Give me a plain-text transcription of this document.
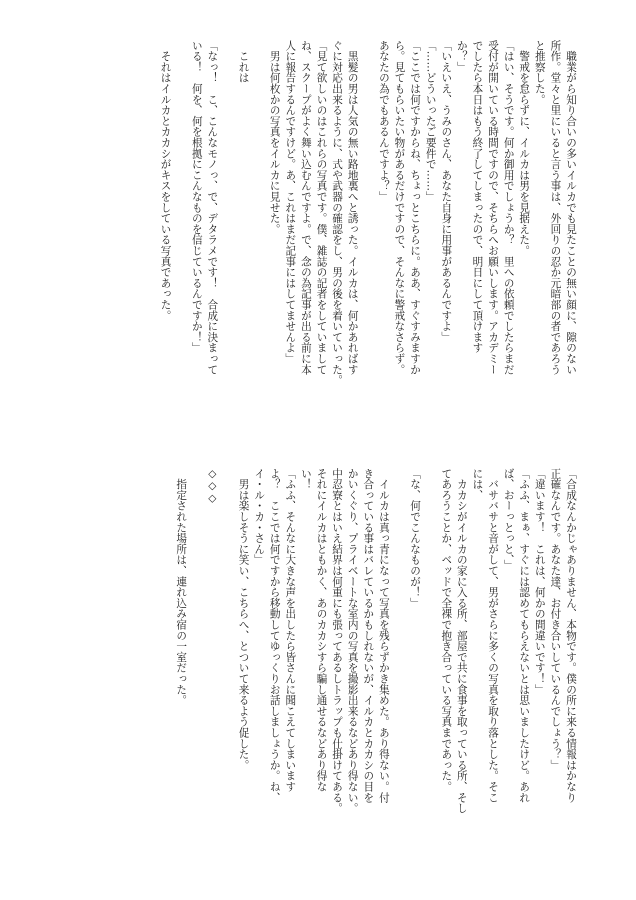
　職業がら知り合いの多いイルカでも見たことの無い顔に、隙のない
所作。堂々と里にいると言う事は、外回りの忍か元暗部の者であろう
と推察した。
　警戒を怠らずに、イルカは男を見据えた。
「はい、そうです。何か御用でしょうか？　里への依頼でしたらまだ
受付が開いている時間ですので、そちらへお願いします。アカデミー
でしたら本日はもう終了してしまったので、明日にして頂けます
か？」
「いえいえ、うみのさん、あなた自身に用事があるんですよ」
「……どういったご要件で……」
「ここでは何ですからね、ちょっとこちらに。ああ、すぐすみますか
ら。見てもらいたい物があるだけですので、そんなに警戒なさらず。
あなたの為でもあるんですよ？」

　黒髪の男は人気の無い路地裏へと誘った。イルカは、何かあればす
ぐに対応出来るように、式や武器の確認をし、男の後を着いていった。
「見て欲しいのはこれらの写真です。僕、雑誌の記者をしていまして
ね、スクープがよく舞い込むんですよ。で、念の為記事が出る前に本
人に報告するんですけど。あ、これはまだ記事にはしてませんよ」
　男は何枚かの写真をイルカに見せた。

　これは

「なっ！　こ、こんなモノっ、で、デタラメです！　合成に決まって
いる！　何を、何を根拠にこんなものを信じているんですか！」

　それはイルカとカカシがキスをしている写真であった。
「合成なんかじゃありません、本物です。僕の所に来る情報はかなり
正確なんです。あなた達、お付き合いしているんでしょう？」
「違います！　これは、何かの間違いです！」
「ふふ、まぁ、すぐには認めてもらえないとは思いましたけど。あれ
ば、おーっとっと、」
　バサバサと音がして、男がさらに多くの写真を取り落とした。そこ
には、
　カカシがイルカの家に入る所、部屋で共に食事を取っている所、そし
てあろうことか、ベッドで全裸で抱き合っている写真まであった。

「な、何でこんなものが！」

　イルカは真っ青になって写真を残らずかき集めた。あり得ない。付
き合っている事はバレているかもしれないが、イルカとカカシの目を
かいくぐり、プライベートな室内の写真を撮影出来るなどあり得ない。
中忍寮とはいえ結界は何重にも張ってあるしトラップも仕掛けてある。
それにイルカはともかく、あのカカシすら騙し通せるなどあり得な
い！
「ふふ、そんなに大きな声を出したら皆さんに聞こえてしまいます
よ？　ここでは何ですから移動してゆっくりお話しましょうか。ね、
イ・ル・カ・さん」
　男は楽しそうに笑い、こちらへ、とついて来るよう促した。

◇◇◇

　指定された場所は、連れ込み宿の一室だった。
